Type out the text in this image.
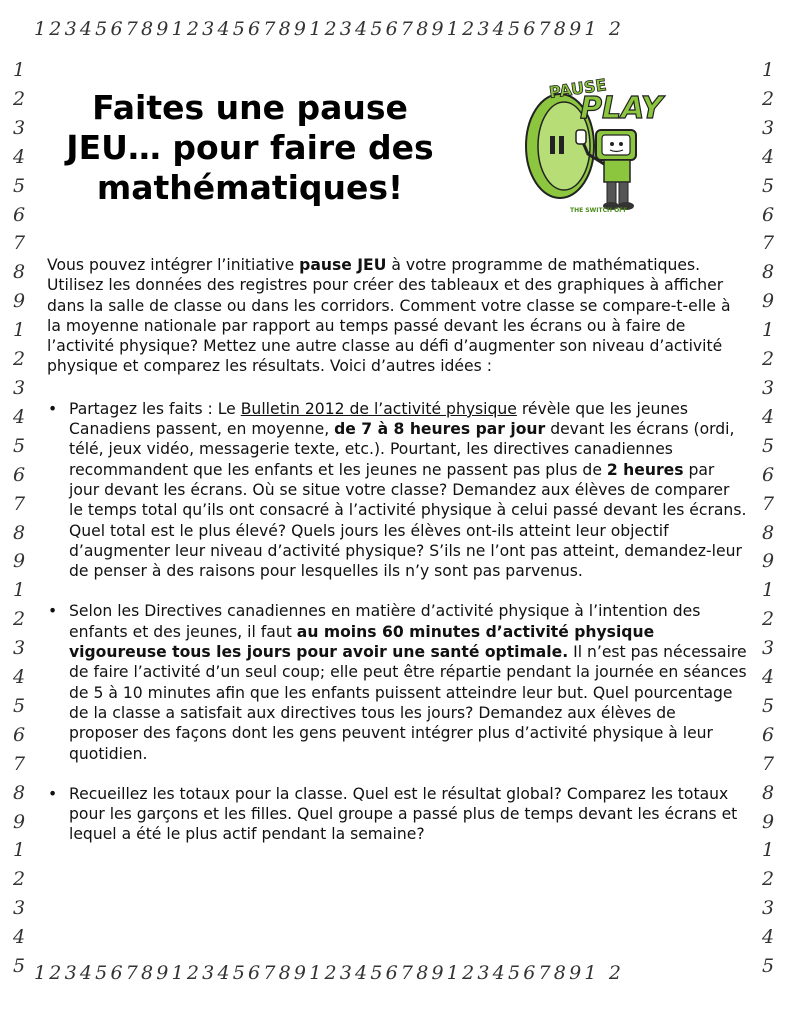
1234567891234567891234567891234567891 2
1234567891234567891234567891234567891 2
1
2
3
4
5
6
7
8
9
1
2
3
4
5
6
7
8
9
1
2
3
4
5
6
7
8
9
1
2
3
4
5
1
2
3
4
5
6
7
8
9
1
2
3
4
5
6
7
8
9
1
2
3
4
5
6
7
8
9
1
2
3
4
5
Faites une pause JEU… pour faire des mathématiques!
PAUSE
PLAY
THE SWITCH OFF

Vous pouvez intégrer l’initiative pause JEU à votre programme de mathématiques. Utilisez les données des registres pour créer des tableaux et des graphiques à afficher dans la salle de classe ou dans les corridors. Comment votre classe se compare-t-elle à la moyenne nationale par rapport au temps passé devant les écrans ou à faire de l’activité physique? Mettez une autre classe au défi d’augmenter son niveau d’activité physique et comparez les résultats. Voici d’autres idées :

• Partagez les faits : Le Bulletin 2012 de l’activité physique révèle que les jeunes Canadiens passent, en moyenne, de 7 à 8 heures par jour devant les écrans (ordi, télé, jeux vidéo, messagerie texte, etc.). Pourtant, les directives canadiennes recommandent que les enfants et les jeunes ne passent pas plus de 2 heures par jour devant les écrans. Où se situe votre classe? Demandez aux élèves de comparer le temps total qu’ils ont consacré à l’activité physique à celui passé devant les écrans. Quel total est le plus élevé? Quels jours les élèves ont-ils atteint leur objectif d’augmenter leur niveau d’activité physique? S’ils ne l’ont pas atteint, demandez-leur de penser à des raisons pour lesquelles ils n’y sont pas parvenus.
• Selon les Directives canadiennes en matière d’activité physique à l’intention des enfants et des jeunes, il faut au moins 60 minutes d’activité physique vigoureuse tous les jours pour avoir une santé optimale. Il n’est pas nécessaire de faire l’activité d’un seul coup; elle peut être répartie pendant la journée en séances de 5 à 10 minutes afin que les enfants puissent atteindre leur but. Quel pourcentage de la classe a satisfait aux directives tous les jours? Demandez aux élèves de proposer des façons dont les gens peuvent intégrer plus d’activité physique à leur quotidien.
• Recueillez les totaux pour la classe. Quel est le résultat global? Comparez les totaux pour les garçons et les filles. Quel groupe a passé plus de temps devant les écrans et lequel a été le plus actif pendant la semaine?
